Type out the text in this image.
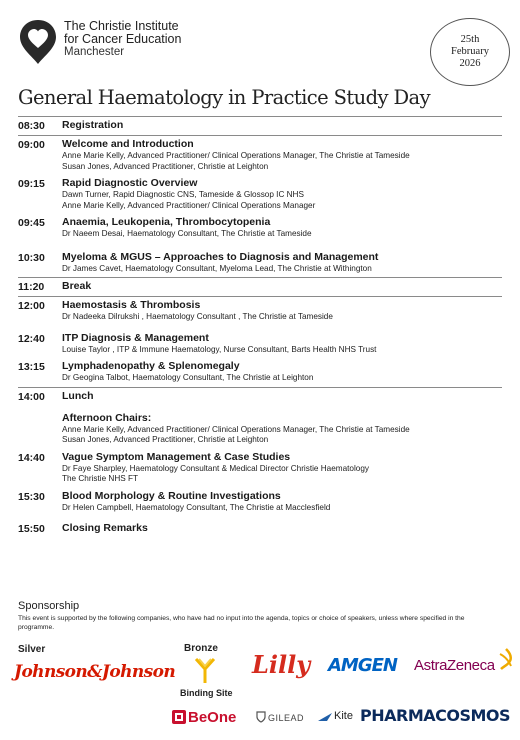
The Christie Institute
for Cancer Education
Manchester
25th
February
2026
General Haematology in Practice Study Day
08:30	Registration
09:00	Welcome and Introduction
Anne Marie Kelly, Advanced Practitioner/ Clinical Operations Manager, The Christie at Tameside
Susan Jones, Advanced Practitioner, Christie at Leighton
09:15	Rapid Diagnostic Overview
Dawn Turner, Rapid Diagnostic CNS, Tameside & Glossop IC NHS
Anne Marie Kelly, Advanced Practitioner/ Clinical Operations Manager
09:45	Anaemia, Leukopenia, Thrombocytopenia
Dr Naeem Desai, Haematology Consultant, The Christie at Tameside
10:30	Myeloma & MGUS – Approaches to Diagnosis and Management
Dr James Cavet, Haematology Consultant, Myeloma Lead, The Christie at Withington
11:20	Break
12:00	Haemostasis & Thrombosis
Dr Nadeeka Dilrukshi , Haematology Consultant , The Christie at Tameside
12:40	ITP Diagnosis & Management
Louise Taylor , ITP & Immune Haematology, Nurse Consultant, Barts Health NHS Trust
13:15	Lymphadenopathy & Splenomegaly
Dr Geogina Talbot, Haematology Consultant, The Christie at Leighton
14:00	Lunch
Afternoon Chairs:
Anne Marie Kelly, Advanced Practitioner/ Clinical Operations Manager, The Christie at Tameside
Susan Jones, Advanced Practitioner, Christie at Leighton
14:40	Vague Symptom Management & Case Studies
Dr Faye Sharpley, Haematology Consultant & Medical Director Christie Haematology
The Christie NHS FT
15:30	Blood Morphology & Routine Investigations
Dr Helen Campbell, Haematology Consultant, The Christie at Macclesfield
15:50	Closing Remarks
Sponsorship
This event is supported by the following companies, who have had no input into the agenda, topics or choice of speakers, unless where specified in the programme.
Silver	Bronze
Johnson&Johnson
Binding Site
Lilly AMGEN AstraZeneca
BeOne	GILEAD	Kite PHARMACOSMOS
